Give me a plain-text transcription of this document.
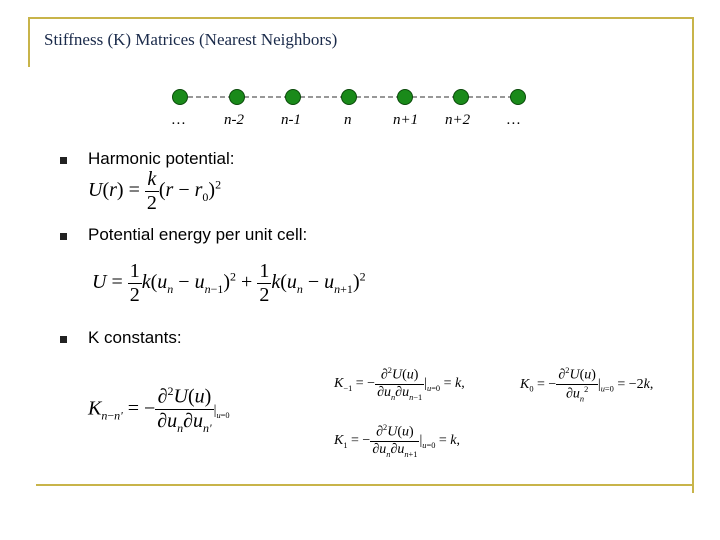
Stiffness (K) Matrices (Nearest Neighbors)
…	n-2 n-1	n	n+1 n+2 …
Harmonic potential:
$U(r) = \frac{k}{2} (r - r_0)^2$
Potential energy per unit cell:
$U = \frac{1}{2} k(u_n - u_{n-1})^2 + \frac{1}{2} k(u_n - u_{n+1})^2$
K constants:
$K_{n-n'}$ = − $\frac{\partial^2U(u)}{\partial u_n\partial u_{n'}} |_{u=0}$
$K_{-1}$ = − $\frac{\partial^2U(u)}{\partial u_n\partial u_{n-1}} |_{u=0} = k$,	$K_0$ = − $\frac{\partial^2U(u)}{\partial u_n^2} |_{u=0} = -2k$,
$K_1$ = − $\frac{\partial^2U(u)}{\partial u_n\partial u_{n+1}} |_{u=0} = k$,
